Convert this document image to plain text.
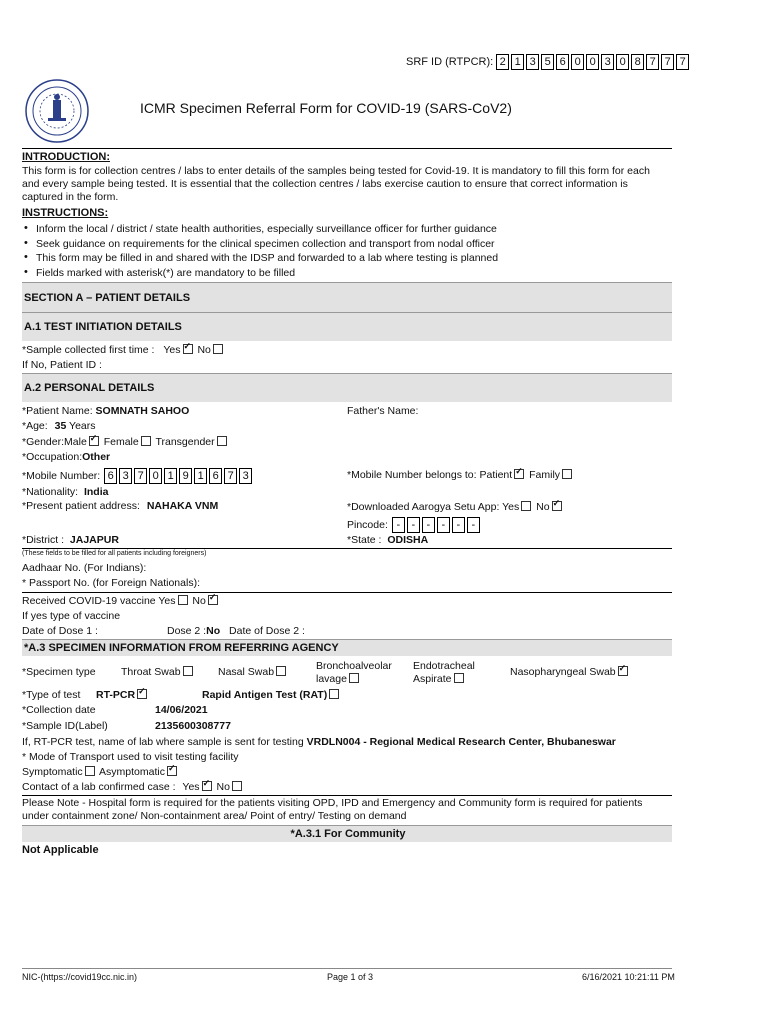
SRF ID (RTPCR): 2 1 3 5 6 0 0 3 0 8 7 7 7
ICMR Specimen Referral Form for COVID-19 (SARS-CoV2)
INTRODUCTION:
This form is for collection centres / labs to enter details of the samples being tested for Covid-19. It is mandatory to fill this form for each
and every sample being tested. It is essential that the collection centres / labs exercise caution to ensure that correct information is
captured in the form.
INSTRUCTIONS:
• Inform the local / district / state health authorities, especially surveillance officer for further guidance
• Seek guidance on requirements for the clinical specimen collection and transport from nodal officer
• This form may be filled in and shared with the IDSP and forwarded to a lab where testing is planned
• Fields marked with asterisk(*) are mandatory to be filled
SECTION A – PATIENT DETAILS
A.1 TEST INITIATION DETAILS
*Sample collected first time : Yes ✓ No
If No, Patient ID :
A.2 PERSONAL DETAILS
*Patient Name: SOMNATH SAHOO	Father's Name:
*Age: 35 Years
*Gender:Male ✓ Female Transgender
*Occupation:Other
*Mobile Number: 6 3 7 0 1 9 1 6 7 3	*Mobile Number belongs to: Patient ✓ Family
*Nationality: India
*Present patient address: NAHAKA VNM	*Downloaded Aarogya Setu App: Yes No✓
Pincode: -	-	-	-	-	-
*District : JAJAPUR	*State : ODISHA
(These fields to be filled for all patients including foreigners)
Aadhaar No. (For Indians):
* Passport No. (for Foreign Nationals):
Received COVID-19 vaccine Yes No✓
If yes type of vaccine
Date of Dose 1 :	Dose 2 :No Date of Dose 2 :
*A.3 SPECIMEN INFORMATION FROM REFERRING AGENCY
*Specimen type Throat Swab	Nasal Swab	Bronchoalveolar
lavage
Endotracheal
Aspirate
Nasopharyngeal Swab✓
*Type of test RT-PCR ✓	Rapid Antigen Test (RAT)
*Collection date	14/06/2021
*Sample ID(Label)	2135600308777
If, RT-PCR test, name of lab where sample is sent for testing VRDLN004 - Regional Medical Research Center, Bhubaneswar
* Mode of Transport used to visit testing facility
Symptomatic Asymptomatic✓
Contact of a lab confirmed case : Yes ✓ No
Please Note - Hospital form is required for the patients visiting OPD, IPD and Emergency and Community form is required for patients
under containment zone/ Non-containment area/ Point of entry/ Testing on demand
*A.3.1 For Community
Not Applicable
NIC-(https://covid19cc.nic.in)	Page 1 of 3	6/16/2021 10:21:11 PM
